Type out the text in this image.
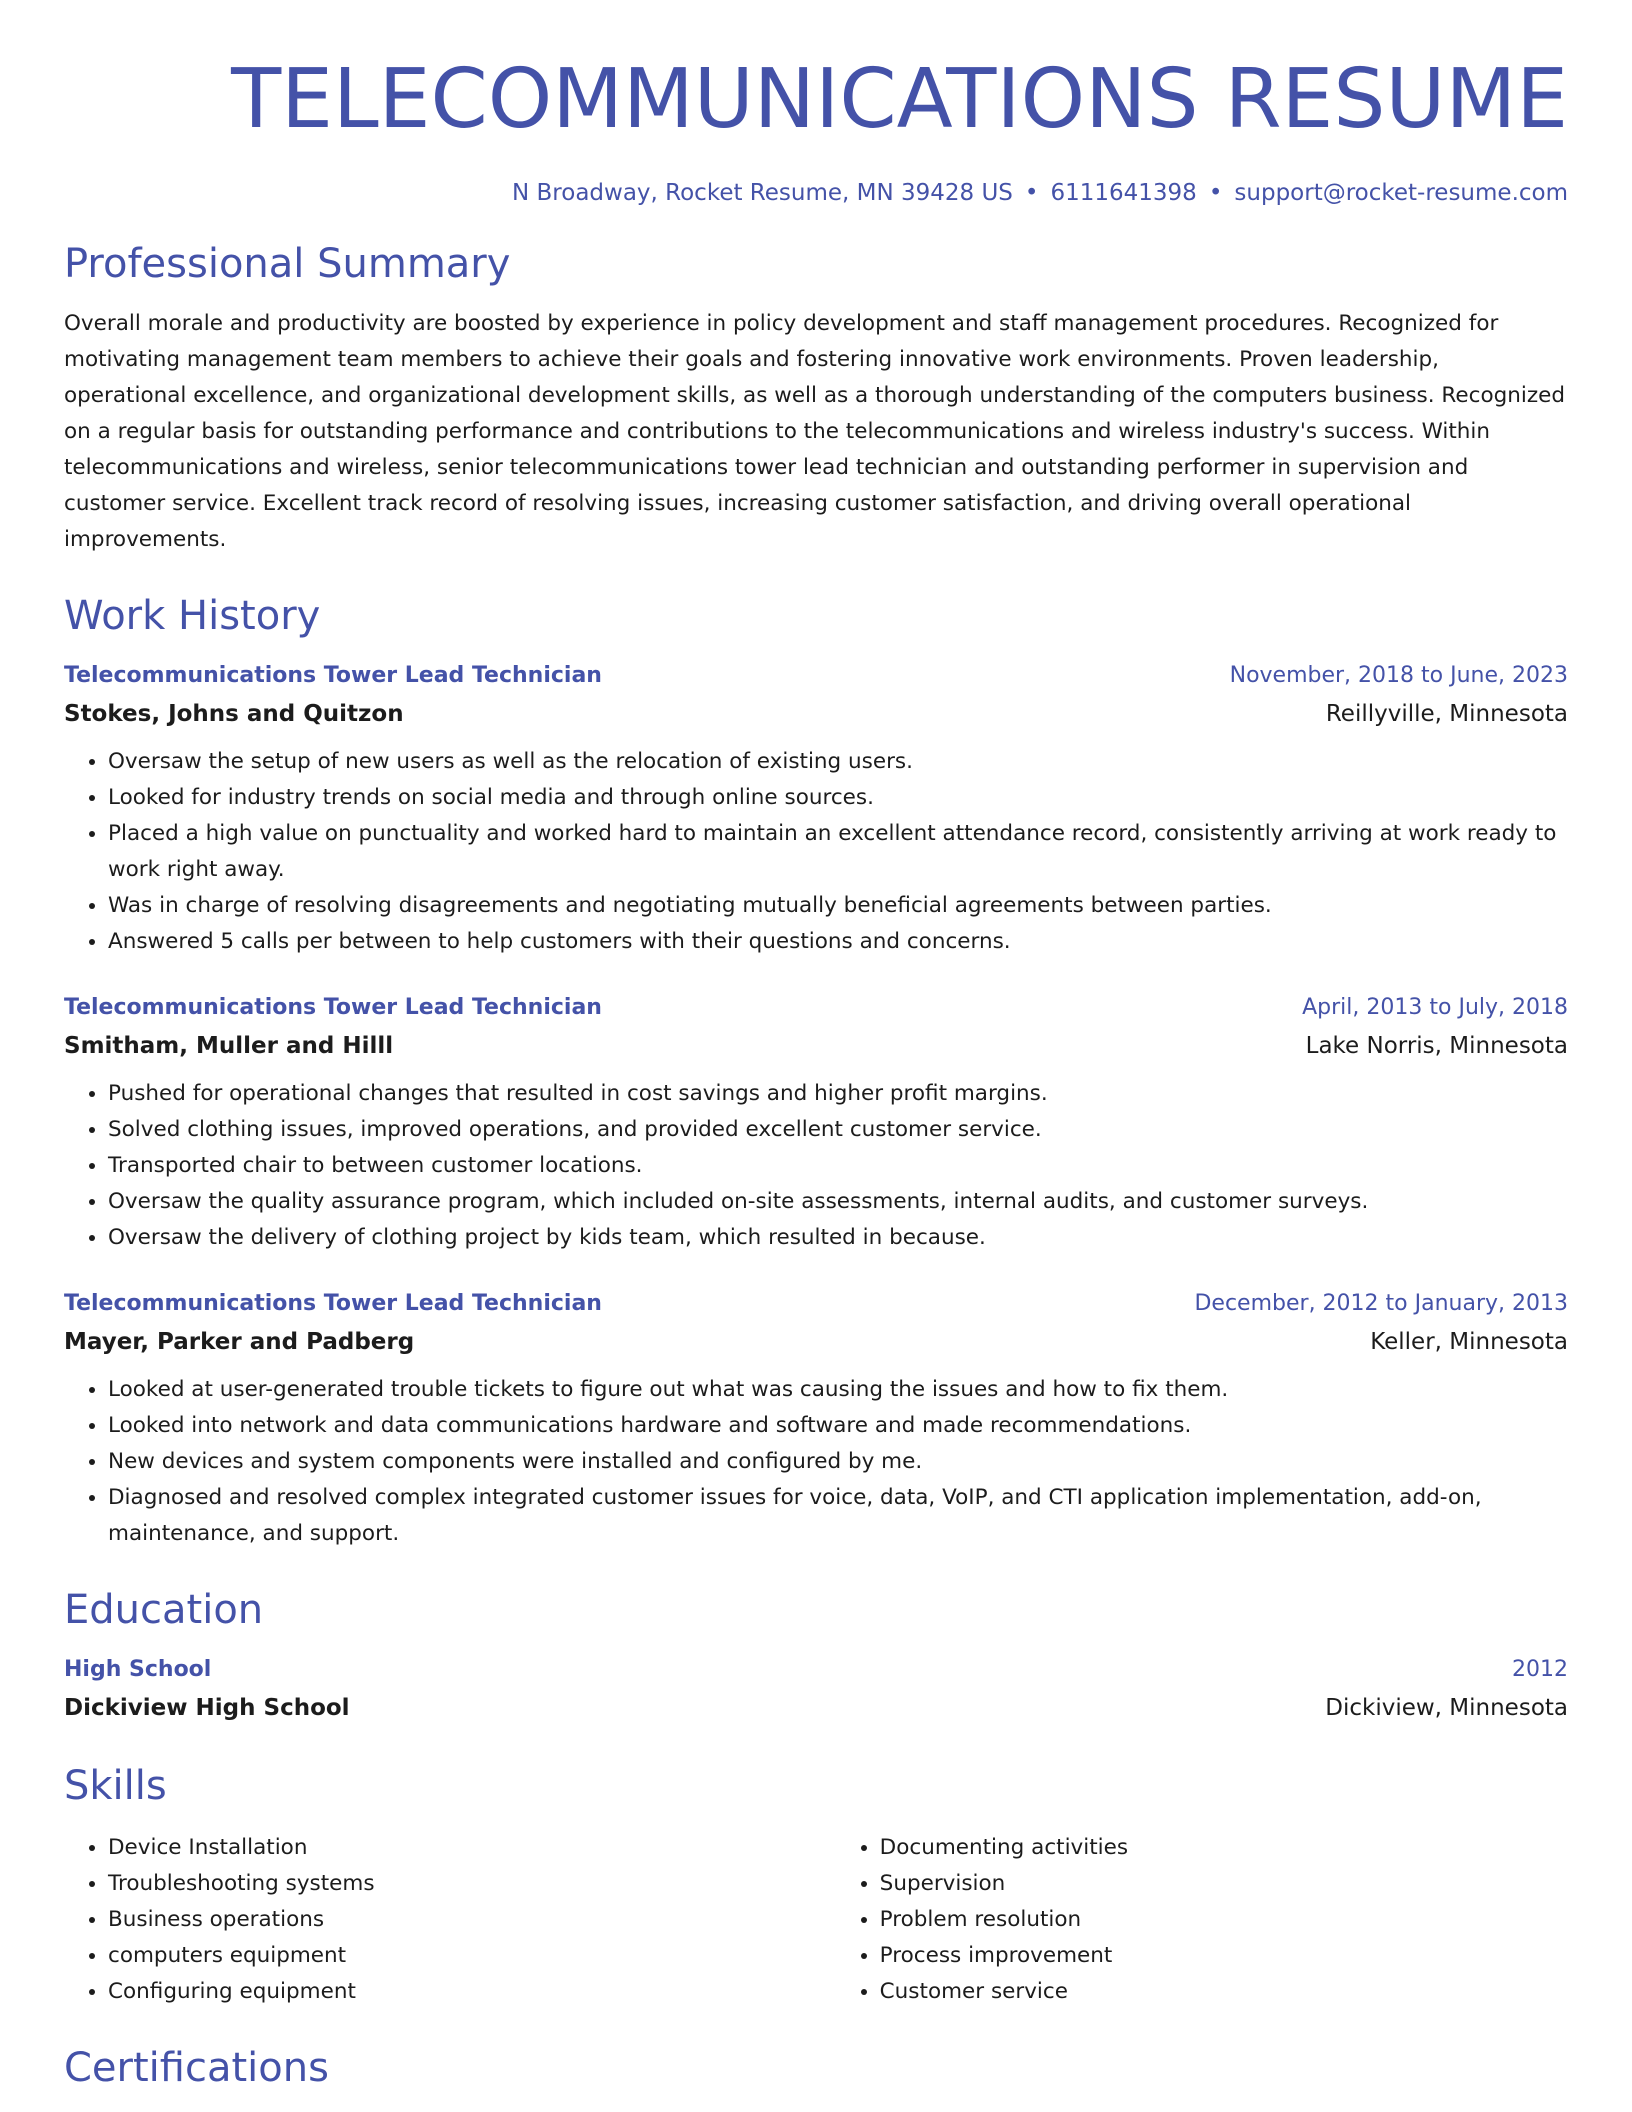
TELECOMMUNICATIONS RESUME
N Broadway, Rocket Resume, MN 39428 US • 6111641398 • support@rocket-resume.com
Professional Summary
Overall morale and productivity are boosted by experience in policy development and staff management procedures. Recognized for motivating management team members to achieve their goals and fostering innovative work environments. Proven leadership, operational excellence, and organizational development skills, as well as a thorough understanding of the computers business. Recognized on a regular basis for outstanding performance and contributions to the telecommunications and wireless industry's success. Within telecommunications and wireless, senior telecommunications tower lead technician and outstanding performer in supervision and customer service. Excellent track record of resolving issues, increasing customer satisfaction, and driving overall operational improvements.
Work History
Telecommunications Tower Lead Technician	November, 2018 to June, 2023
Stokes, Johns and Quitzon	Reillyville, Minnesota
• Oversaw the setup of new users as well as the relocation of existing users.
• Looked for industry trends on social media and through online sources.
• Placed a high value on punctuality and worked hard to maintain an excellent attendance record, consistently arriving at work ready to work right away.
• Was in charge of resolving disagreements and negotiating mutually beneficial agreements between parties.
• Answered 5 calls per between to help customers with their questions and concerns.
Telecommunications Tower Lead Technician	April, 2013 to July, 2018
Smitham, Muller and Hilll	Lake Norris, Minnesota
• Pushed for operational changes that resulted in cost savings and higher profit margins.
• Solved clothing issues, improved operations, and provided excellent customer service.
• Transported chair to between customer locations.
• Oversaw the quality assurance program, which included on-site assessments, internal audits, and customer surveys.
• Oversaw the delivery of clothing project by kids team, which resulted in because.
Telecommunications Tower Lead Technician	December, 2012 to January, 2013
Mayer, Parker and Padberg	Keller, Minnesota
• Looked at user-generated trouble tickets to figure out what was causing the issues and how to fix them.
• Looked into network and data communications hardware and software and made recommendations.
• New devices and system components were installed and configured by me.
• Diagnosed and resolved complex integrated customer issues for voice, data, VoIP, and CTI application implementation, add-on, maintenance, and support.
Education
High School	2012
Dickiview High School	Dickiview, Minnesota
Skills
• Device Installation
• Troubleshooting systems
• Business operations
• computers equipment
• Configuring equipment
• Documenting activities
• Supervision
• Problem resolution
• Process improvement
• Customer service
Certifications
